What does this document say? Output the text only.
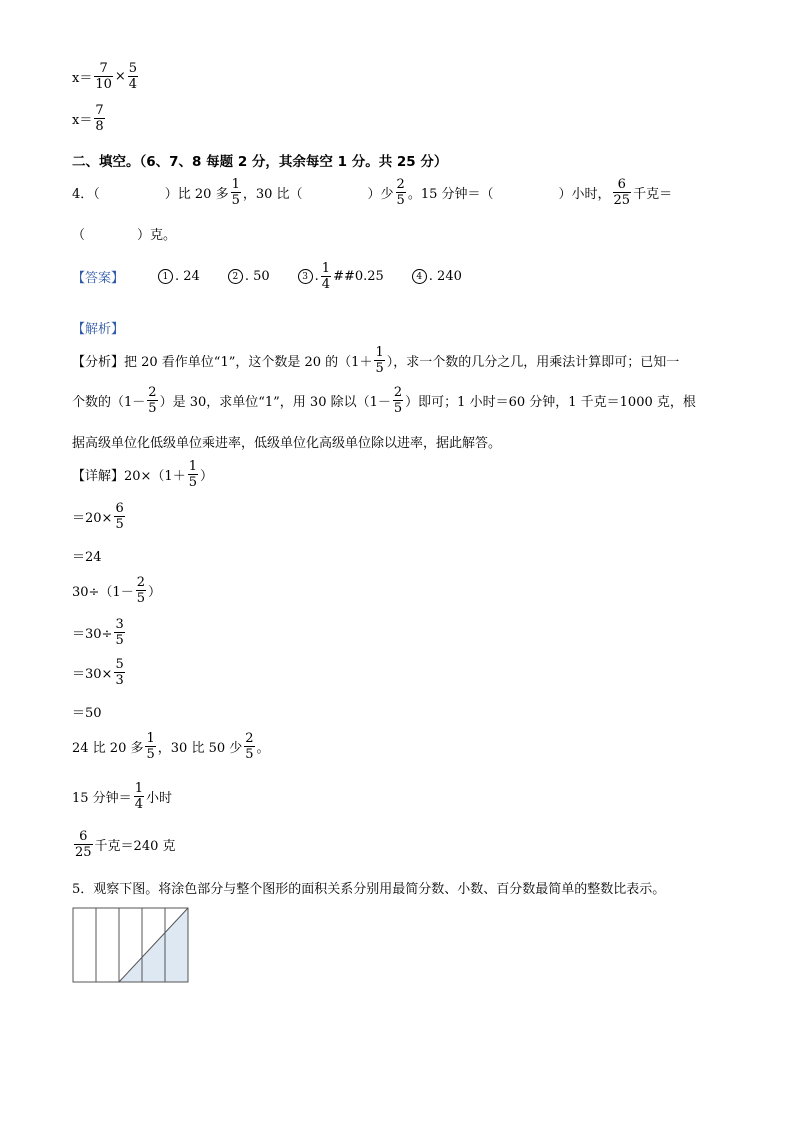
$x= \frac{7}{10} \times \frac{5}{4}$
$x= \frac{7}{8}$
二、填空。（6、7、8 每题 2 分，其余每空 1 分。共 25 分）
4．（　　　　　）比 20 多 $\frac{1}{5}$ ，30 比（　　　　　）少 $\frac{2}{5}$ 。15 分钟＝（　　　　　）小时， $\frac{6}{25}$ 千克＝
（　　　　）克。
【答案】	1 . 24	2 . 50	3 . $\frac{1}{4}$ ##0.25	4 . 240
【解析】
【分析】把 20 看作单位“1”，这个数是 20 的（$1+ \frac{1}{5}$ ），求一个数的几分之几，用乘法计算即可；已知一
个数的（$1- \frac{2}{5}$ ）是 30，求单位“1”，用 30 除以（$1- \frac{2}{5}$ ）即可；1 小时＝60 分钟，1 千克＝1000 克，根
据高级单位化低级单位乘进率，低级单位化高级单位除以进率，据此解答。
【详解】$20\times(1+ \frac{1}{5}$ ）
$=20\times \frac{6}{5}$
＝24
$30\div(1- \frac{2}{5}$ ）
$=30\div \frac{3}{5}$
$=30\times \frac{5}{3}$
＝50
24 比 20 多 $\frac{1}{5}$ ，30 比 50 少 $\frac{2}{5}$ 。
15 分钟＝ $\frac{1}{4}$ 小时
$\frac{6}{25}$ 千克＝240 克
5．观察下图。将涂色部分与整个图形的面积关系分别用最简分数、小数、百分数最简单的整数比表示。
